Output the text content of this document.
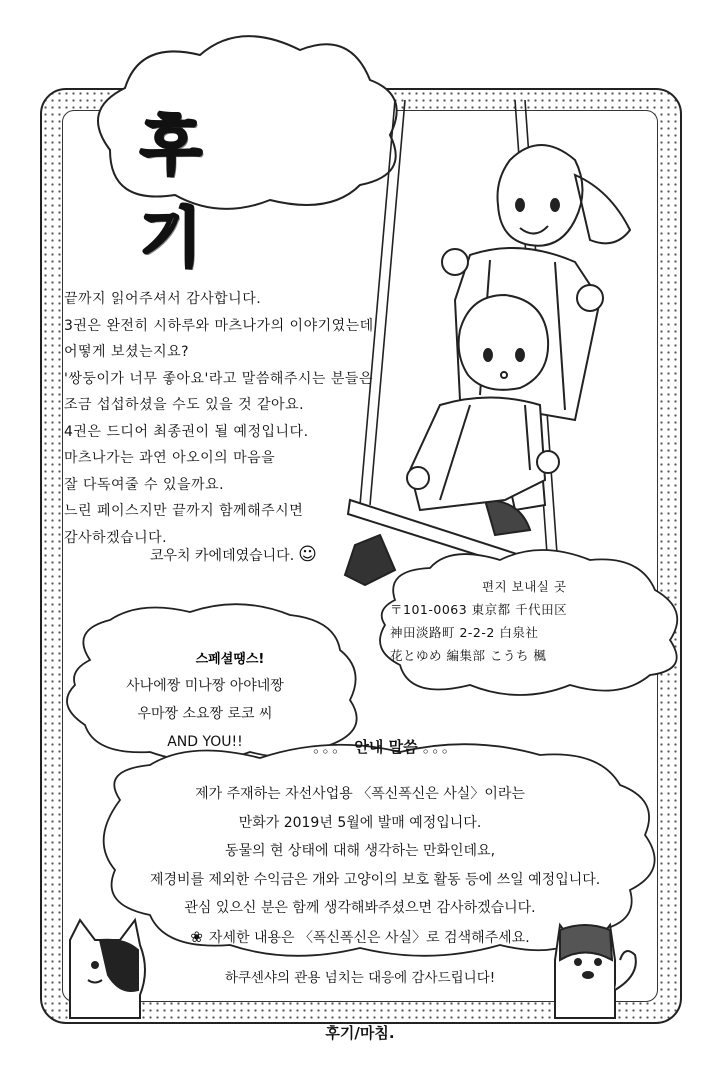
후 기
끝까지 읽어주셔서 감사합니다.
3권은 완전히 시하루와 마츠나가의 이야기였는데
어떻게 보셨는지요?
'쌍둥이가 너무 좋아요'라고 말씀해주시는 분들은
조금 섭섭하셨을 수도 있을 것 같아요.
4권은 드디어 최종권이 될 예정입니다.
마츠나가는 과연 아오이의 마음을
잘 다독여줄 수 있을까요.
느린 페이스지만 끝까지 함께해주시면
감사하겠습니다.
코우치 카에데였습니다. ☺
편지 보내실 곳
〒101-0063 東京都 千代田区
神田淡路町 2-2-2 白泉社
花とゆめ 編集部 こうち 楓
스페셜땡스!
사나에짱 미나짱 아야네짱
우마짱 소요짱 로코 씨
AND YOU!!	。。。 안내 말씀 。。。
제가 주재하는 자선사업용 〈폭신폭신은 사실〉이라는
만화가 2019년 5월에 발매 예정입니다.
동물의 현 상태에 대해 생각하는 만화인데요,
제경비를 제외한 수익금은 개와 고양이의 보호 활동 등에 쓰일 예정입니다.
관심 있으신 분은 함께 생각해봐주셨으면 감사하겠습니다.
❀ 자세한 내용은 〈폭신폭신은 사실〉로 검색해주세요.
하쿠센샤의 관용 넘치는 대응에 감사드립니다!
후기/마침.
